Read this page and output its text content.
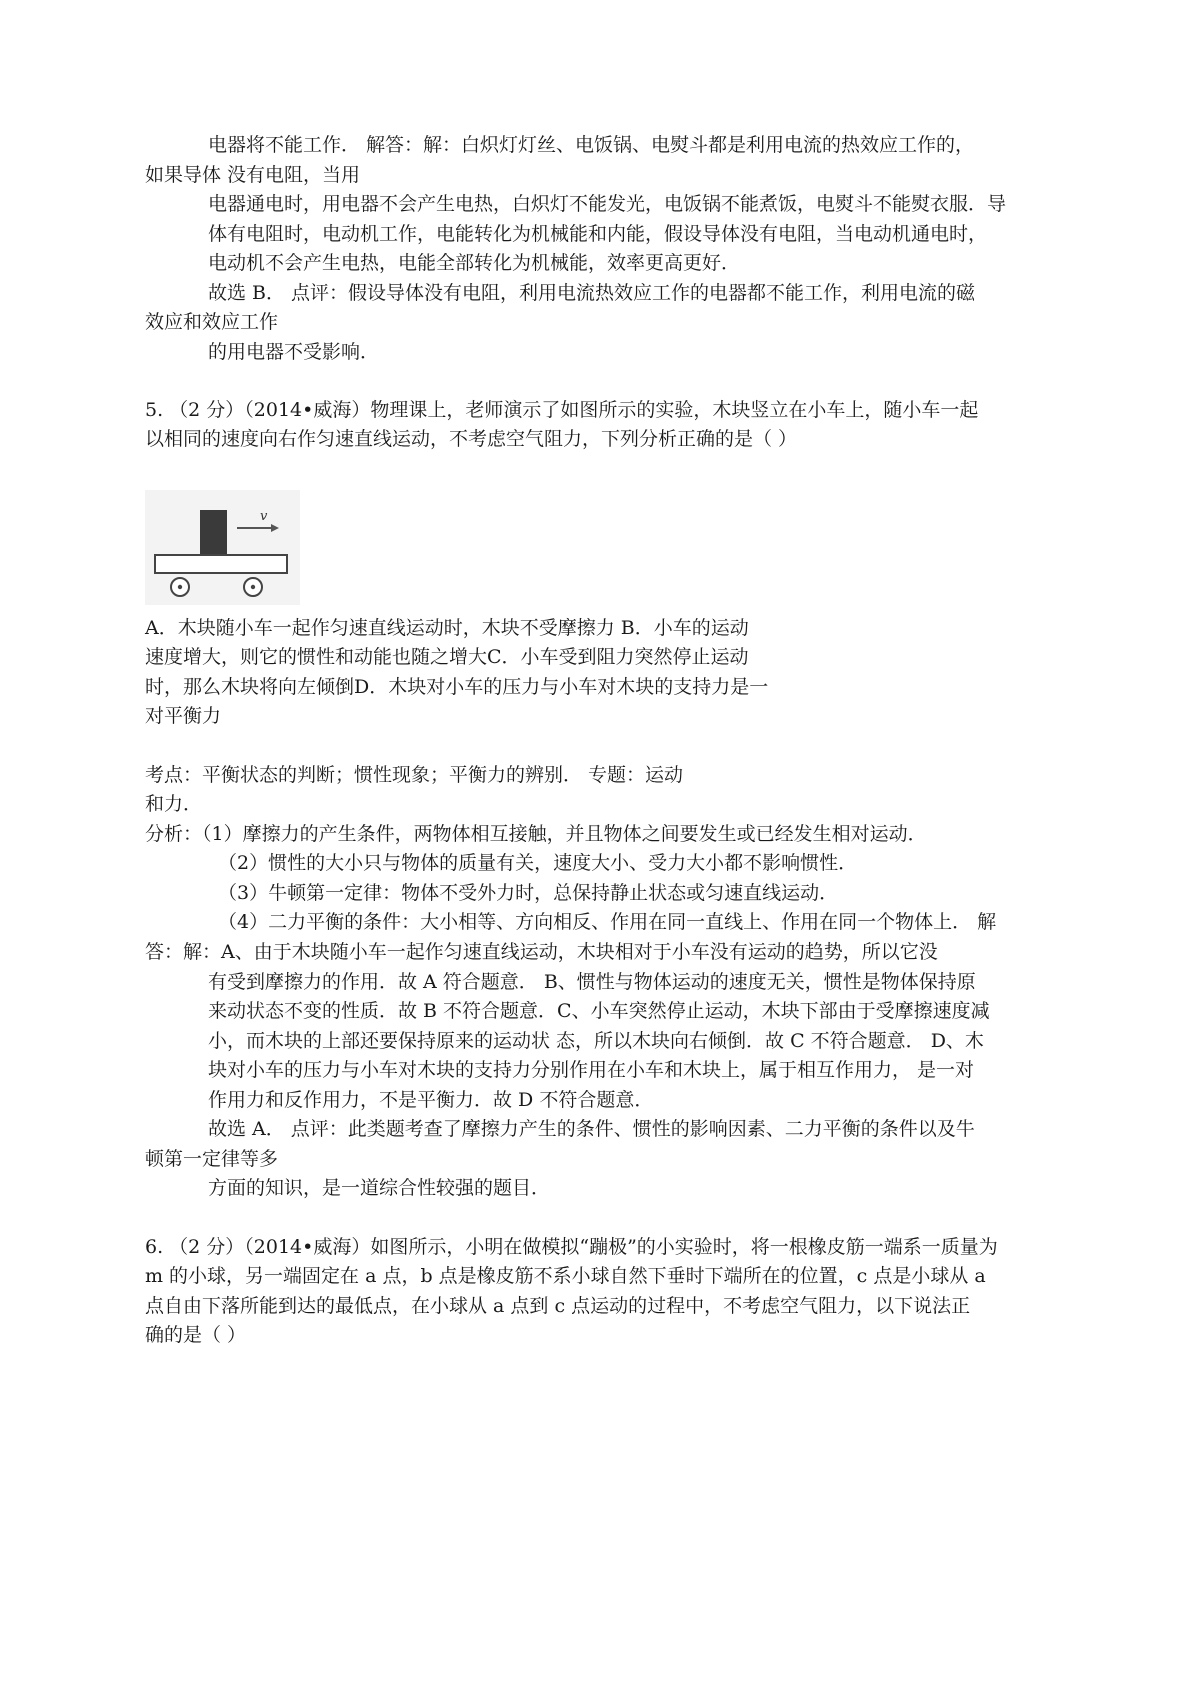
电器将不能工作． 解答：解：白炽灯灯丝、电饭锅、电熨斗都是利用电流的热效应工作的，
如果导体 没有电阻，当用
电器通电时，用电器不会产生电热，白炽灯不能发光，电饭锅不能煮饭，电熨斗不能熨衣服．导
体有电阻时，电动机工作，电能转化为机械能和内能，假设导体没有电阻，当电动机通电时，
电动机不会产生电热，电能全部转化为机械能，效率更高更好．
故选 B． 点评：假设导体没有电阻，利用电流热效应工作的电器都不能工作，利用电流的磁
效应和效应工作
的用电器不受影响．
5. （2 分）（2014•威海）物理课上，老师演示了如图所示的实验，木块竖立在小车上，随小车一起
以相同的速度向右作匀速直线运动，不考虑空气阻力，下列分析正确的是（ ）
v
A．木块随小车一起作匀速直线运动时，木块不受摩擦力 B．小车的运动
速度增大，则它的惯性和动能也随之增大C．小车受到阻力突然停止运动
时，那么木块将向左倾倒D．木块对小车的压力与小车对木块的支持力是一
对平衡力
考点：平衡状态的判断；惯性现象；平衡力的辨别． 专题：运动
和力．
分析：（1）摩擦力的产生条件，两物体相互接触，并且物体之间要发生或已经发生相对运动．
（2）惯性的大小只与物体的质量有关，速度大小、受力大小都不影响惯性．
（3）牛顿第一定律：物体不受外力时，总保持静止状态或匀速直线运动．
（4）二力平衡的条件：大小相等、方向相反、作用在同一直线上、作用在同一个物体上． 解
答：解：A、由于木块随小车一起作匀速直线运动，木块相对于小车没有运动的趋势，所以它没
有受到摩擦力的作用．故 A 符合题意． B、惯性与物体运动的速度无关，惯性是物体保持原
来动状态不变的性质．故 B 不符合题意．C、小车突然停止运动，木块下部由于受摩擦速度减
小，而木块的上部还要保持原来的运动状 态，所以木块向右倾倒．故 C 不符合题意． D、木
块对小车的压力与小车对木块的支持力分别作用在小车和木块上，属于相互作用力， 是一对
作用力和反作用力，不是平衡力．故 D 不符合题意．
故选 A． 点评：此类题考查了摩擦力产生的条件、惯性的影响因素、二力平衡的条件以及牛
顿第一定律等多
方面的知识，是一道综合性较强的题目．
6. （2 分）（2014•威海）如图所示，小明在做模拟“蹦极”的小实验时，将一根橡皮筋一端系一质量为
m 的小球，另一端固定在 a 点，b 点是橡皮筋不系小球自然下垂时下端所在的位置，c 点是小球从 a
点自由下落所能到达的最低点，在小球从 a 点到 c 点运动的过程中，不考虑空气阻力，以下说法正
确的是（ ）
